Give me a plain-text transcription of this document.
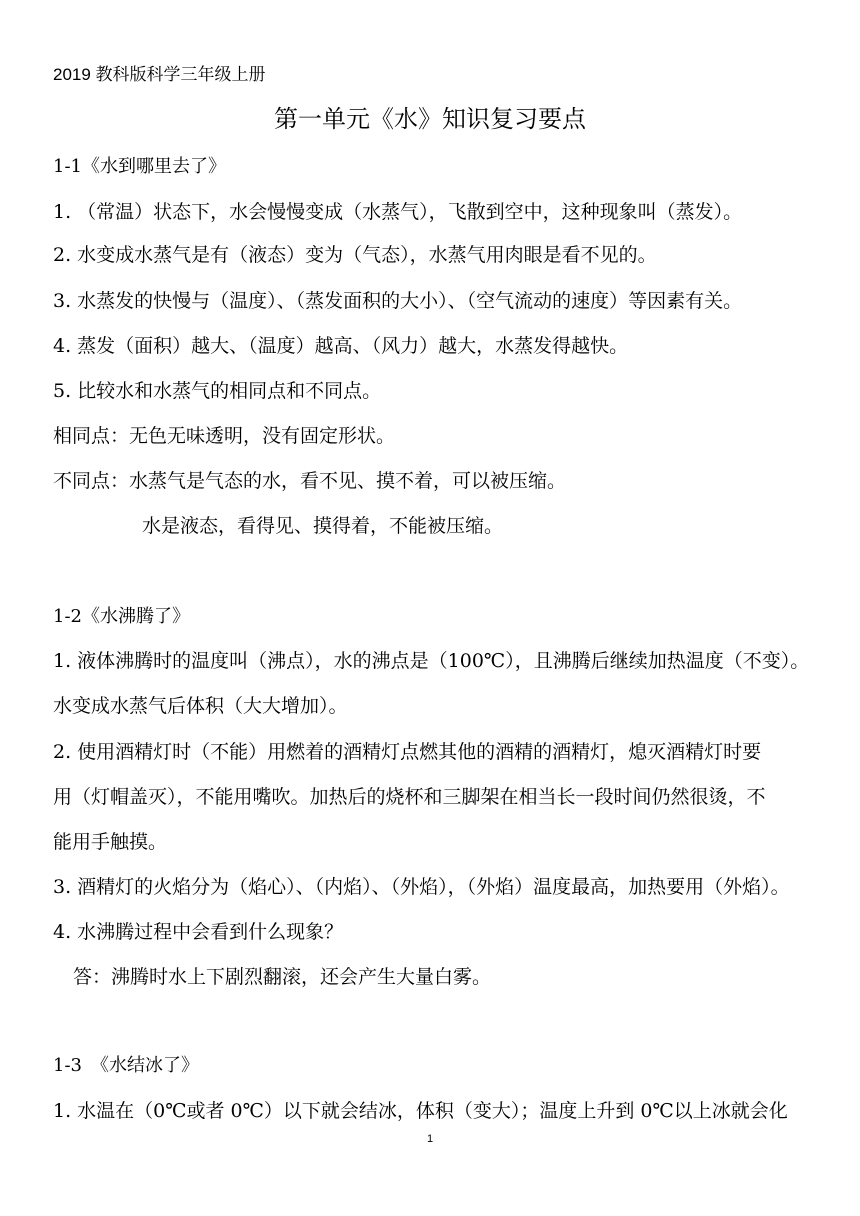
2019 教科版科学三年级上册
第一单元《水》知识复习要点
1-1《水到哪里去了》
1. （常温）状态下，水会慢慢变成（水蒸气），飞散到空中，这种现象叫（蒸发）。
2. 水变成水蒸气是有（液态）变为（气态），水蒸气用肉眼是看不见的。
3. 水蒸发的快慢与（温度）、（蒸发面积的大小）、（空气流动的速度）等因素有关。
4. 蒸发（面积）越大、（温度）越高、（风力）越大，水蒸发得越快。
5. 比较水和水蒸气的相同点和不同点。
相同点：无色无味透明，没有固定形状。
不同点：水蒸气是气态的水，看不见、摸不着，可以被压缩。
水是液态，看得见、摸得着，不能被压缩。
1-2《水沸腾了》
1. 液体沸腾时的温度叫（沸点），水的沸点是（100℃），且沸腾后继续加热温度（不变）。
水变成水蒸气后体积（大大增加）。
2. 使用酒精灯时（不能）用燃着的酒精灯点燃其他的酒精的酒精灯，熄灭酒精灯时要
用（灯帽盖灭），不能用嘴吹。加热后的烧杯和三脚架在相当长一段时间仍然很烫，不
能用手触摸。
3. 酒精灯的火焰分为（焰心）、（内焰）、（外焰），（外焰）温度最高，加热要用（外焰）。
4. 水沸腾过程中会看到什么现象？
答：沸腾时水上下剧烈翻滚，还会产生大量白雾。
1-3　《水结冰了》
1. 水温在（0℃或者 0℃）以下就会结冰，体积（变大）；温度上升到 0℃以上冰就会化
1
